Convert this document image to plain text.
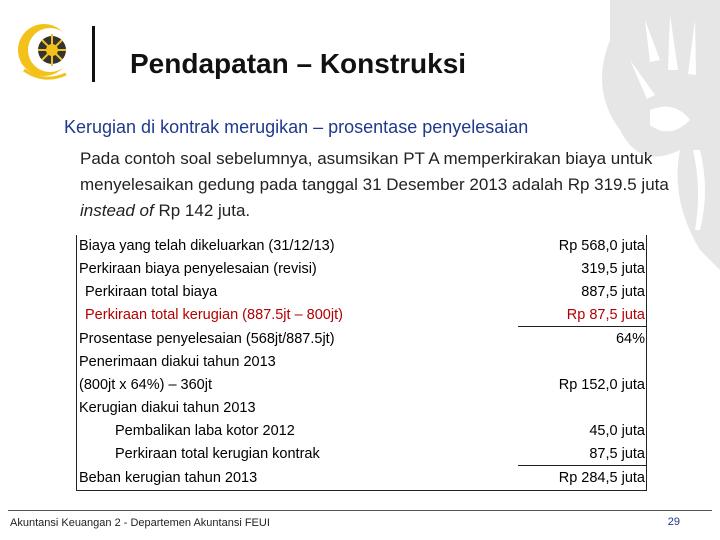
Pendapatan – Konstruksi
Kerugian di kontrak merugikan – prosentase penyelesaian

Pada contoh soal sebelumnya, asumsikan PT A memperkirakan biaya untuk menyelesaikan gedung pada tanggal 31 Desember 2013 adalah Rp 319.5 juta instead of Rp 142 juta.

Biaya yang telah dikeluarkan (31/12/13)	Rp 568,0 juta
Perkiraan biaya penyelesaian (revisi)	319,5 juta
Perkiraan total biaya	887,5 juta
Perkiraan total kerugian (887.5jt – 800jt)	Rp 87,5 juta
Prosentase penyelesaian (568jt/887.5jt)	64%
Penerimaan diakui tahun 2013
(800jt x 64%) – 360jt	Rp 152,0 juta
Kerugian diakui tahun 2013
Pembalikan laba kotor 2012	45,0 juta
Perkiraan total kerugian kontrak	87,5 juta
Beban kerugian tahun 2013	Rp 284,5 juta
Akuntansi Keuangan 2 - Departemen Akuntansi FEUI	29
